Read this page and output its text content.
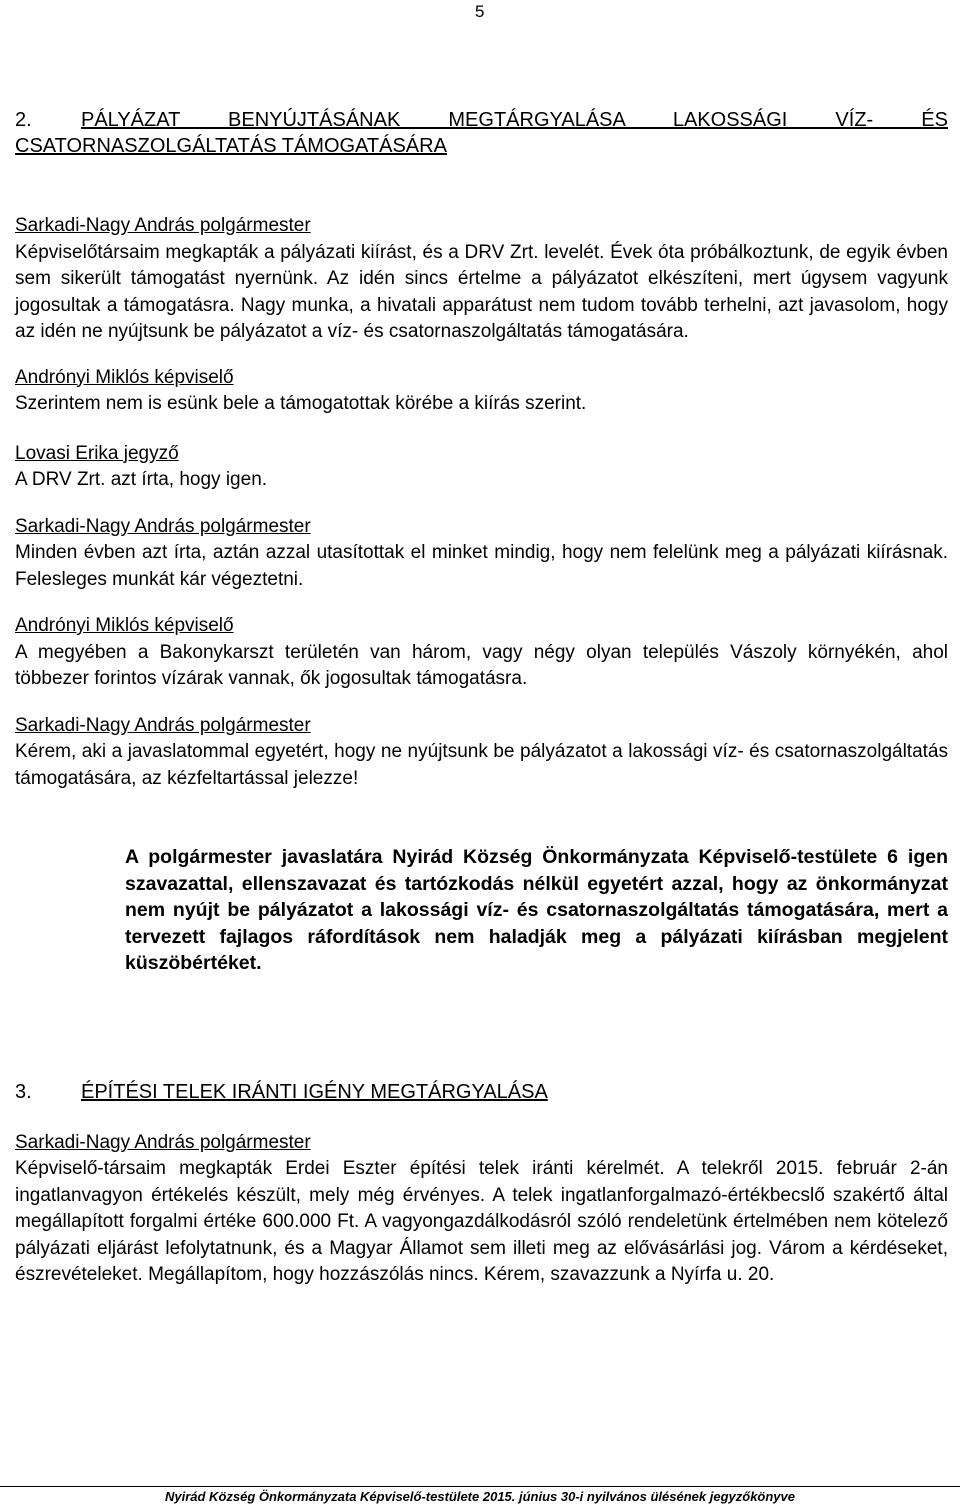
5
2. PÁLYÁZAT BENYÚJTÁSÁNAK MEGTÁRGYALÁSA LAKOSSÁGI VÍZ- ÉS
CSATORNASZOLGÁLTATÁS TÁMOGATÁSÁRA
Sarkadi-Nagy András polgármester

Képviselőtársaim megkapták a pályázati kiírást, és a DRV Zrt. levelét. Évek óta próbálkoztunk, de egyik évben sem sikerült támogatást nyernünk. Az idén sincs értelme a pályázatot elkészíteni, mert úgysem vagyunk jogosultak a támogatásra. Nagy munka, a hivatali apparátust nem tudom tovább terhelni, azt javasolom, hogy az idén ne nyújtsunk be pályázatot a víz- és csatornaszolgáltatás támogatására.

Andrónyi Miklós képviselő

Szerintem nem is esünk bele a támogatottak körébe a kiírás szerint.

Lovasi Erika jegyző

A DRV Zrt. azt írta, hogy igen.

Sarkadi-Nagy András polgármester

Minden évben azt írta, aztán azzal utasítottak el minket mindig, hogy nem felelünk meg a pályázati kiírásnak. Felesleges munkát kár végeztetni.

Andrónyi Miklós képviselő

A megyében a Bakonykarszt területén van három, vagy négy olyan település Vászoly környékén, ahol többezer forintos vízárak vannak, ők jogosultak támogatásra.

Sarkadi-Nagy András polgármester

Kérem, aki a javaslatommal egyetért, hogy ne nyújtsunk be pályázatot a lakossági víz- és csatornaszolgáltatás támogatására, az kézfeltartással jelezze!

A polgármester javaslatára Nyirád Község Önkormányzata Képviselő-testülete 6 igen szavazattal, ellenszavazat és tartózkodás nélkül egyetért azzal, hogy az önkormányzat nem nyújt be pályázatot a lakossági víz- és csatornaszolgáltatás támogatására, mert a tervezett fajlagos ráfordítások nem haladják meg a pályázati kiírásban megjelent küszöbértéket.

3. ÉPÍTÉSI TELEK IRÁNTI IGÉNY MEGTÁRGYALÁSA
Sarkadi-Nagy András polgármester

Képviselő-társaim megkapták Erdei Eszter építési telek iránti kérelmét. A telekről 2015. február 2-án ingatlanvagyon értékelés készült, mely még érvényes. A telek ingatlanforgalmazó-értékbecslő szakértő által megállapított forgalmi értéke 600.000 Ft. A vagyongazdálkodásról szóló rendeletünk értelmében nem kötelező pályázati eljárást lefolytatnunk, és a Magyar Államot sem illeti meg az elővásárlási jog. Várom a kérdéseket, észrevételeket. Megállapítom, hogy hozzászólás nincs. Kérem, szavazzunk a Nyírfa u. 20.

Nyirád Község Önkormányzata Képviselő-testülete 2015. június 30-i nyilvános ülésének jegyzőkönyve
